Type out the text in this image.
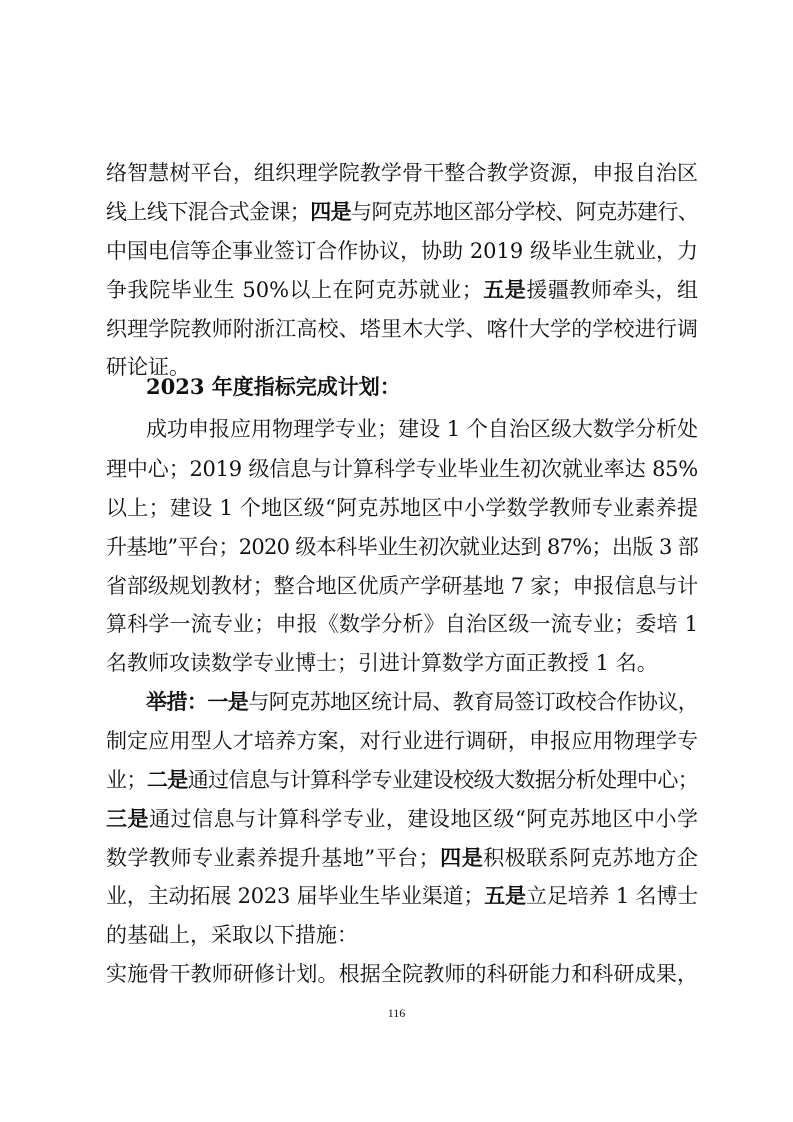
络智慧树平台，组织理学院教学骨干整合教学资源，申报自治区
线上线下混合式金课；四是与阿克苏地区部分学校、阿克苏建行、
中国电信等企事业签订合作协议，协助 2019 级毕业生就业，力
争我院毕业生 50%以上在阿克苏就业；五是援疆教师牵头，组
织理学院教师附浙江高校、塔里木大学、喀什大学的学校进行调
研论证。
2023 年度指标完成计划：
成功申报应用物理学专业；建设 1 个自治区级大数学分析处
理中心；2019 级信息与计算科学专业毕业生初次就业率达 85%
以上；建设 1 个地区级“阿克苏地区中小学数学教师专业素养提
升基地”平台；2020 级本科毕业生初次就业达到 87%；出版 3 部
省部级规划教材；整合地区优质产学研基地 7 家；申报信息与计
算科学一流专业；申报《数学分析》自治区级一流专业；委培 1
名教师攻读数学专业博士；引进计算数学方面正教授 1 名。
举措：一是与阿克苏地区统计局、教育局签订政校合作协议，
制定应用型人才培养方案，对行业进行调研，申报应用物理学专
业；二是通过信息与计算科学专业建设校级大数据分析处理中心；
三是通过信息与计算科学专业，建设地区级“阿克苏地区中小学
数学教师专业素养提升基地”平台；四是积极联系阿克苏地方企
业，主动拓展 2023 届毕业生毕业渠道；五是立足培养 1 名博士
的基础上，采取以下措施：
实施骨干教师研修计划。根据全院教师的科研能力和科研成果，
116
